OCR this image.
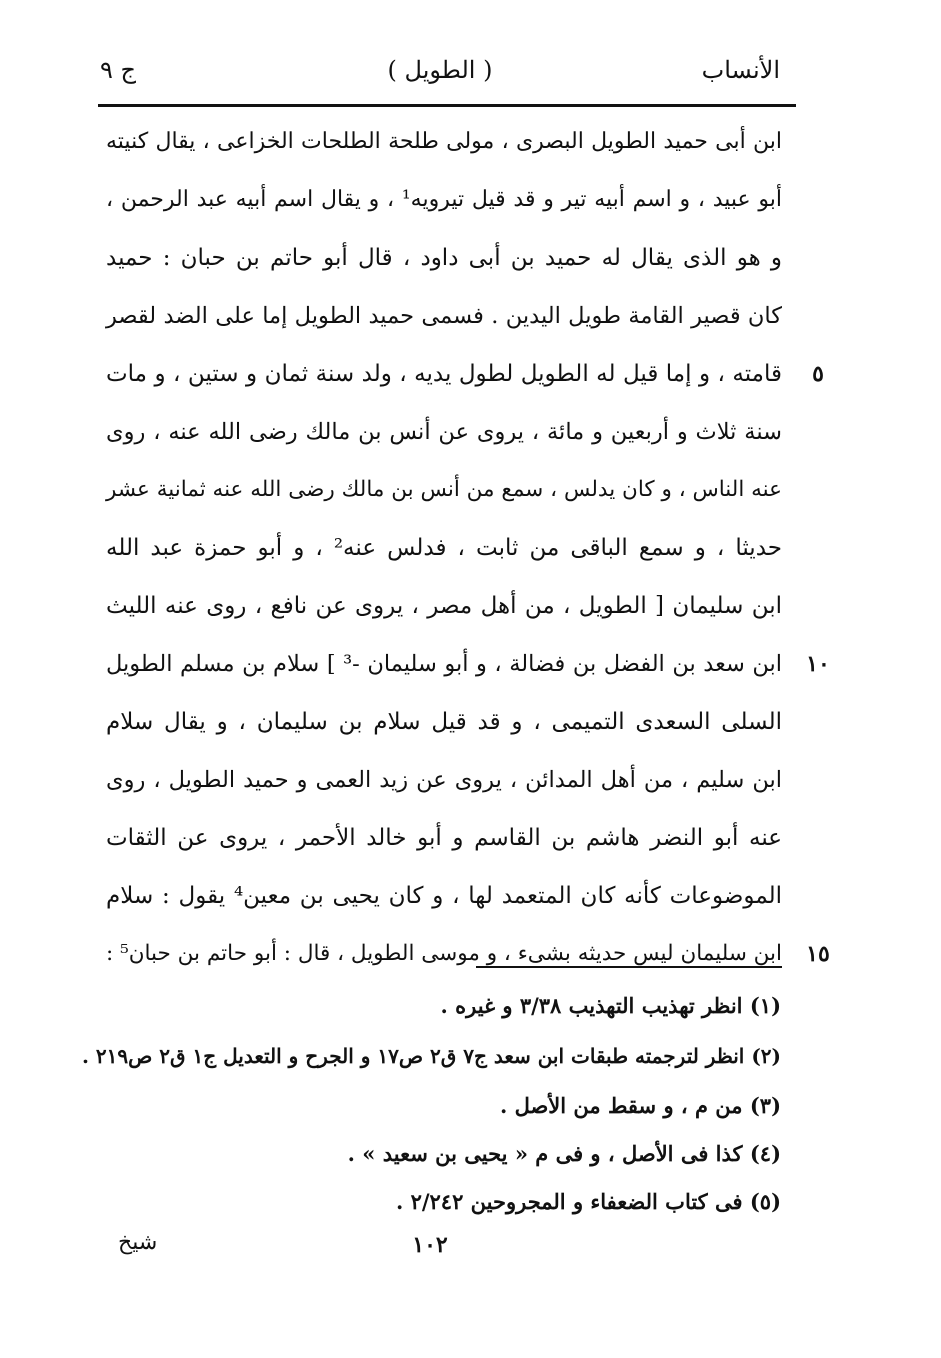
الأنساب
( الطويل )
ج ٩
ابن أبى حميد الطويل البصرى ، مولى طلحة الطلحات الخزاعى ، يقال كنيته
أبو عبيد ، و اسم أبيه تير و قد قيل تيرويه¹ ، و يقال اسم أبيه عبد الرحمن ،
و هو الذى يقال له حميد بن أبى داود ، قال أبو حاتم بن حبان : حميد
كان قصير القامة طويل اليدين . فسمى حميد الطويل إما على الضد لقصر
قامته ، و إما قيل له الطويل لطول يديه ، ولد سنة ثمان و ستين ، و مات
سنة ثلاث و أربعين و مائة ، يروى عن أنس بن مالك رضى الله عنه ، روى
عنه الناس ، و كان يدلس ، سمع من أنس بن مالك رضى الله عنه ثمانية عشر
حديثا ، و سمع الباقى من ثابت ، فدلس عنه² ، و أبو حمزة عبد الله
ابن سليمان [ الطويل ، من أهل مصر ، يروى عن نافع ، روى عنه الليث
ابن سعد بن الفضل بن فضالة ، و أبو سليمان -³ ] سلام بن مسلم الطويل
السلى السعدى التميمى ، و قد قيل سلام بن سليمان ، و يقال سلام
ابن سليم ، من أهل المدائن ، يروى عن زيد العمى و حميد الطويل ، روى
عنه أبو النضر هاشم بن القاسم و أبو خالد الأحمر ، يروى عن الثقات
الموضوعات كأنه كان المتعمد لها ، و كان يحيى بن معين⁴ يقول : سلام
ابن سليمان ليس حديثه بشىء ، و موسى الطويل ، قال : أبو حاتم بن حبان⁵ :
٥
١٠
١٥
(١) انظر تهذيب التهذيب ٣/٣٨ و غيره .
(٢) انظر لترجمته طبقات ابن سعد ج٧ ق٢ ص١٧ و الجرح و التعديل ج١ ق٢ ص٢١٩ .
(٣) من م ، و سقط من الأصل .
(٤) كذا فى الأصل ، و فى م « يحيى بن سعيد » .
(٥) فى كتاب الضعفاء و المجروحين ٢/٢٤٢ .
١٠٢
شيخ
